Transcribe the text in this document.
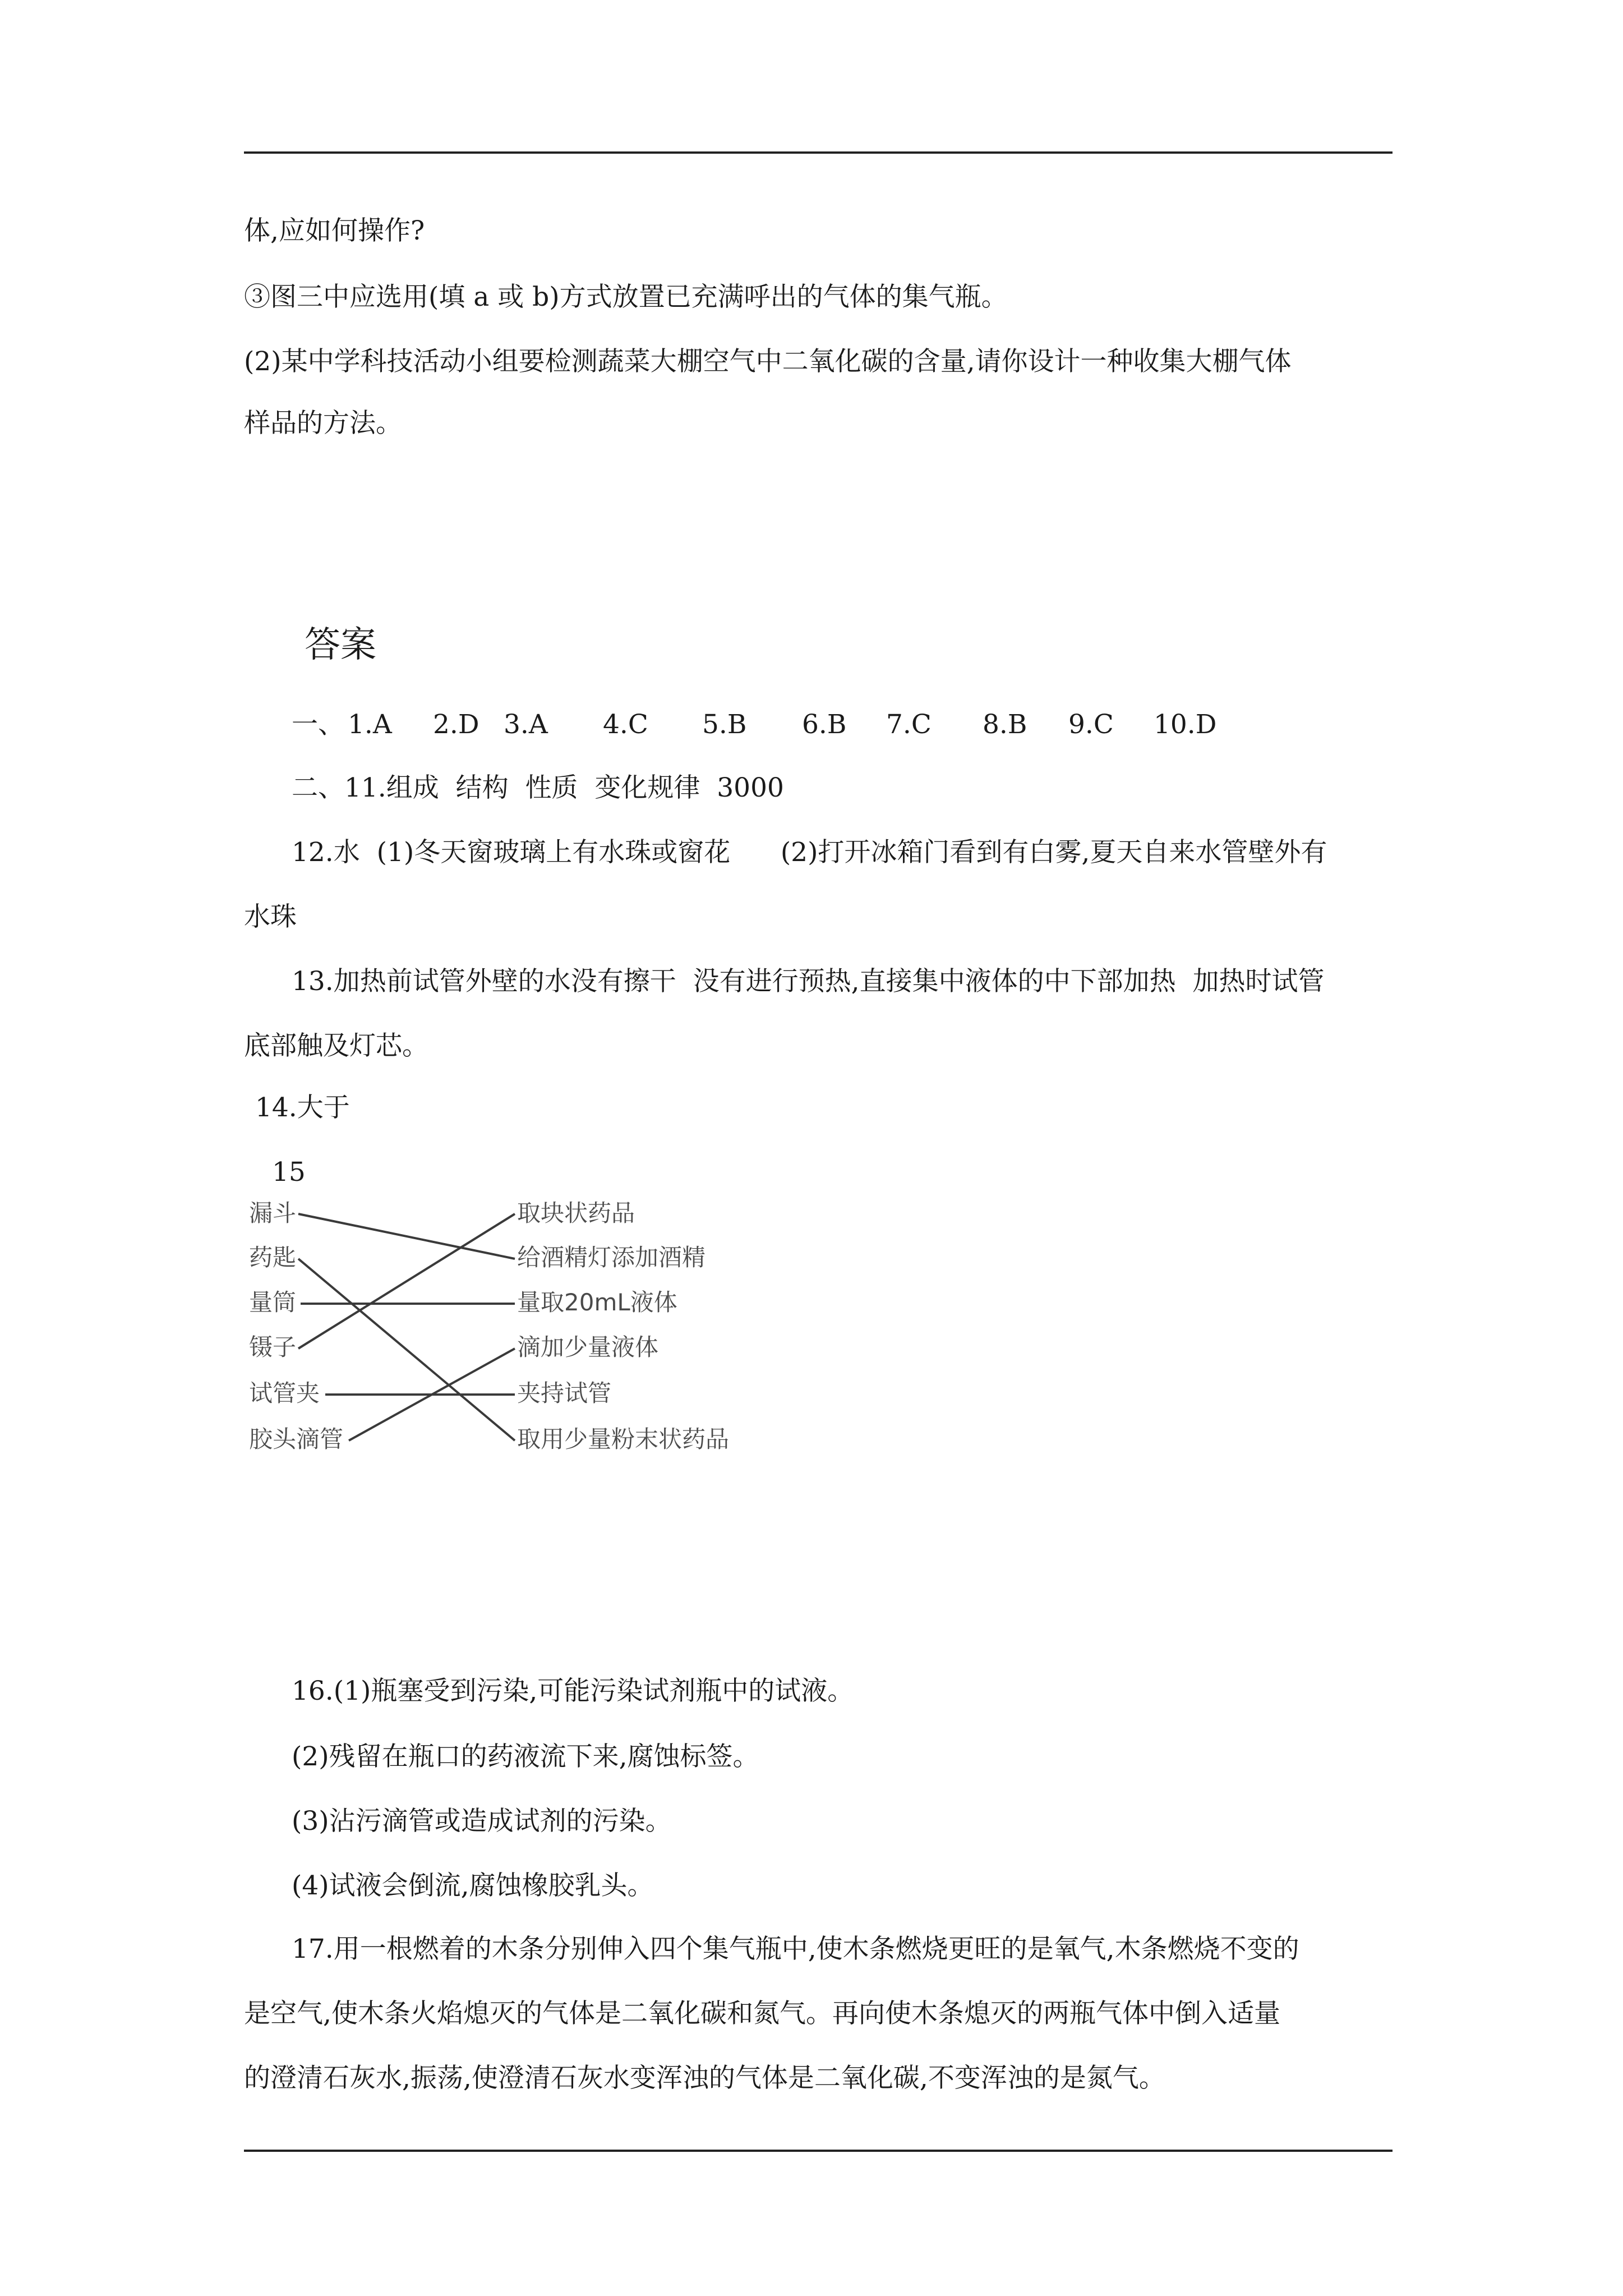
体,应如何操作?
③图三中应选用(填 a 或 b)方式放置已充满呼出的气体的集气瓶。
(2)某中学科技活动小组要检测蔬菜大棚空气中二氧化碳的含量,请你设计一种收集大棚气体
样品的方法。
答案

一、

1.A

2.D

3.A

4.C

5.B

6.B

7.C

8.B

9.C

10.D

二、11.组成  结构  性质  变化规律  3000
12.水  (1)冬天窗玻璃上有水珠或窗花      (2)打开冰箱门看到有白雾,夏天自来水管壁外有
水珠
13.加热前试管外壁的水没有擦干  没有进行预热,直接集中液体的中下部加热  加热时试管
底部触及灯芯。
14.大于
15
漏斗
药匙
量筒
镊子
试管夹
胶头滴管
取块状药品
给酒精灯添加酒精
量取20mL液体
滴加少量液体
夹持试管
取用少量粉末状药品
16.(1)瓶塞受到污染,可能污染试剂瓶中的试液。
(2)残留在瓶口的药液流下来,腐蚀标签。
(3)沾污滴管或造成试剂的污染。
(4)试液会倒流,腐蚀橡胶乳头。
17.用一根燃着的木条分别伸入四个集气瓶中,使木条燃烧更旺的是氧气,木条燃烧不变的
是空气,使木条火焰熄灭的气体是二氧化碳和氮气。再向使木条熄灭的两瓶气体中倒入适量
的澄清石灰水,振荡,使澄清石灰水变浑浊的气体是二氧化碳,不变浑浊的是氮气。
